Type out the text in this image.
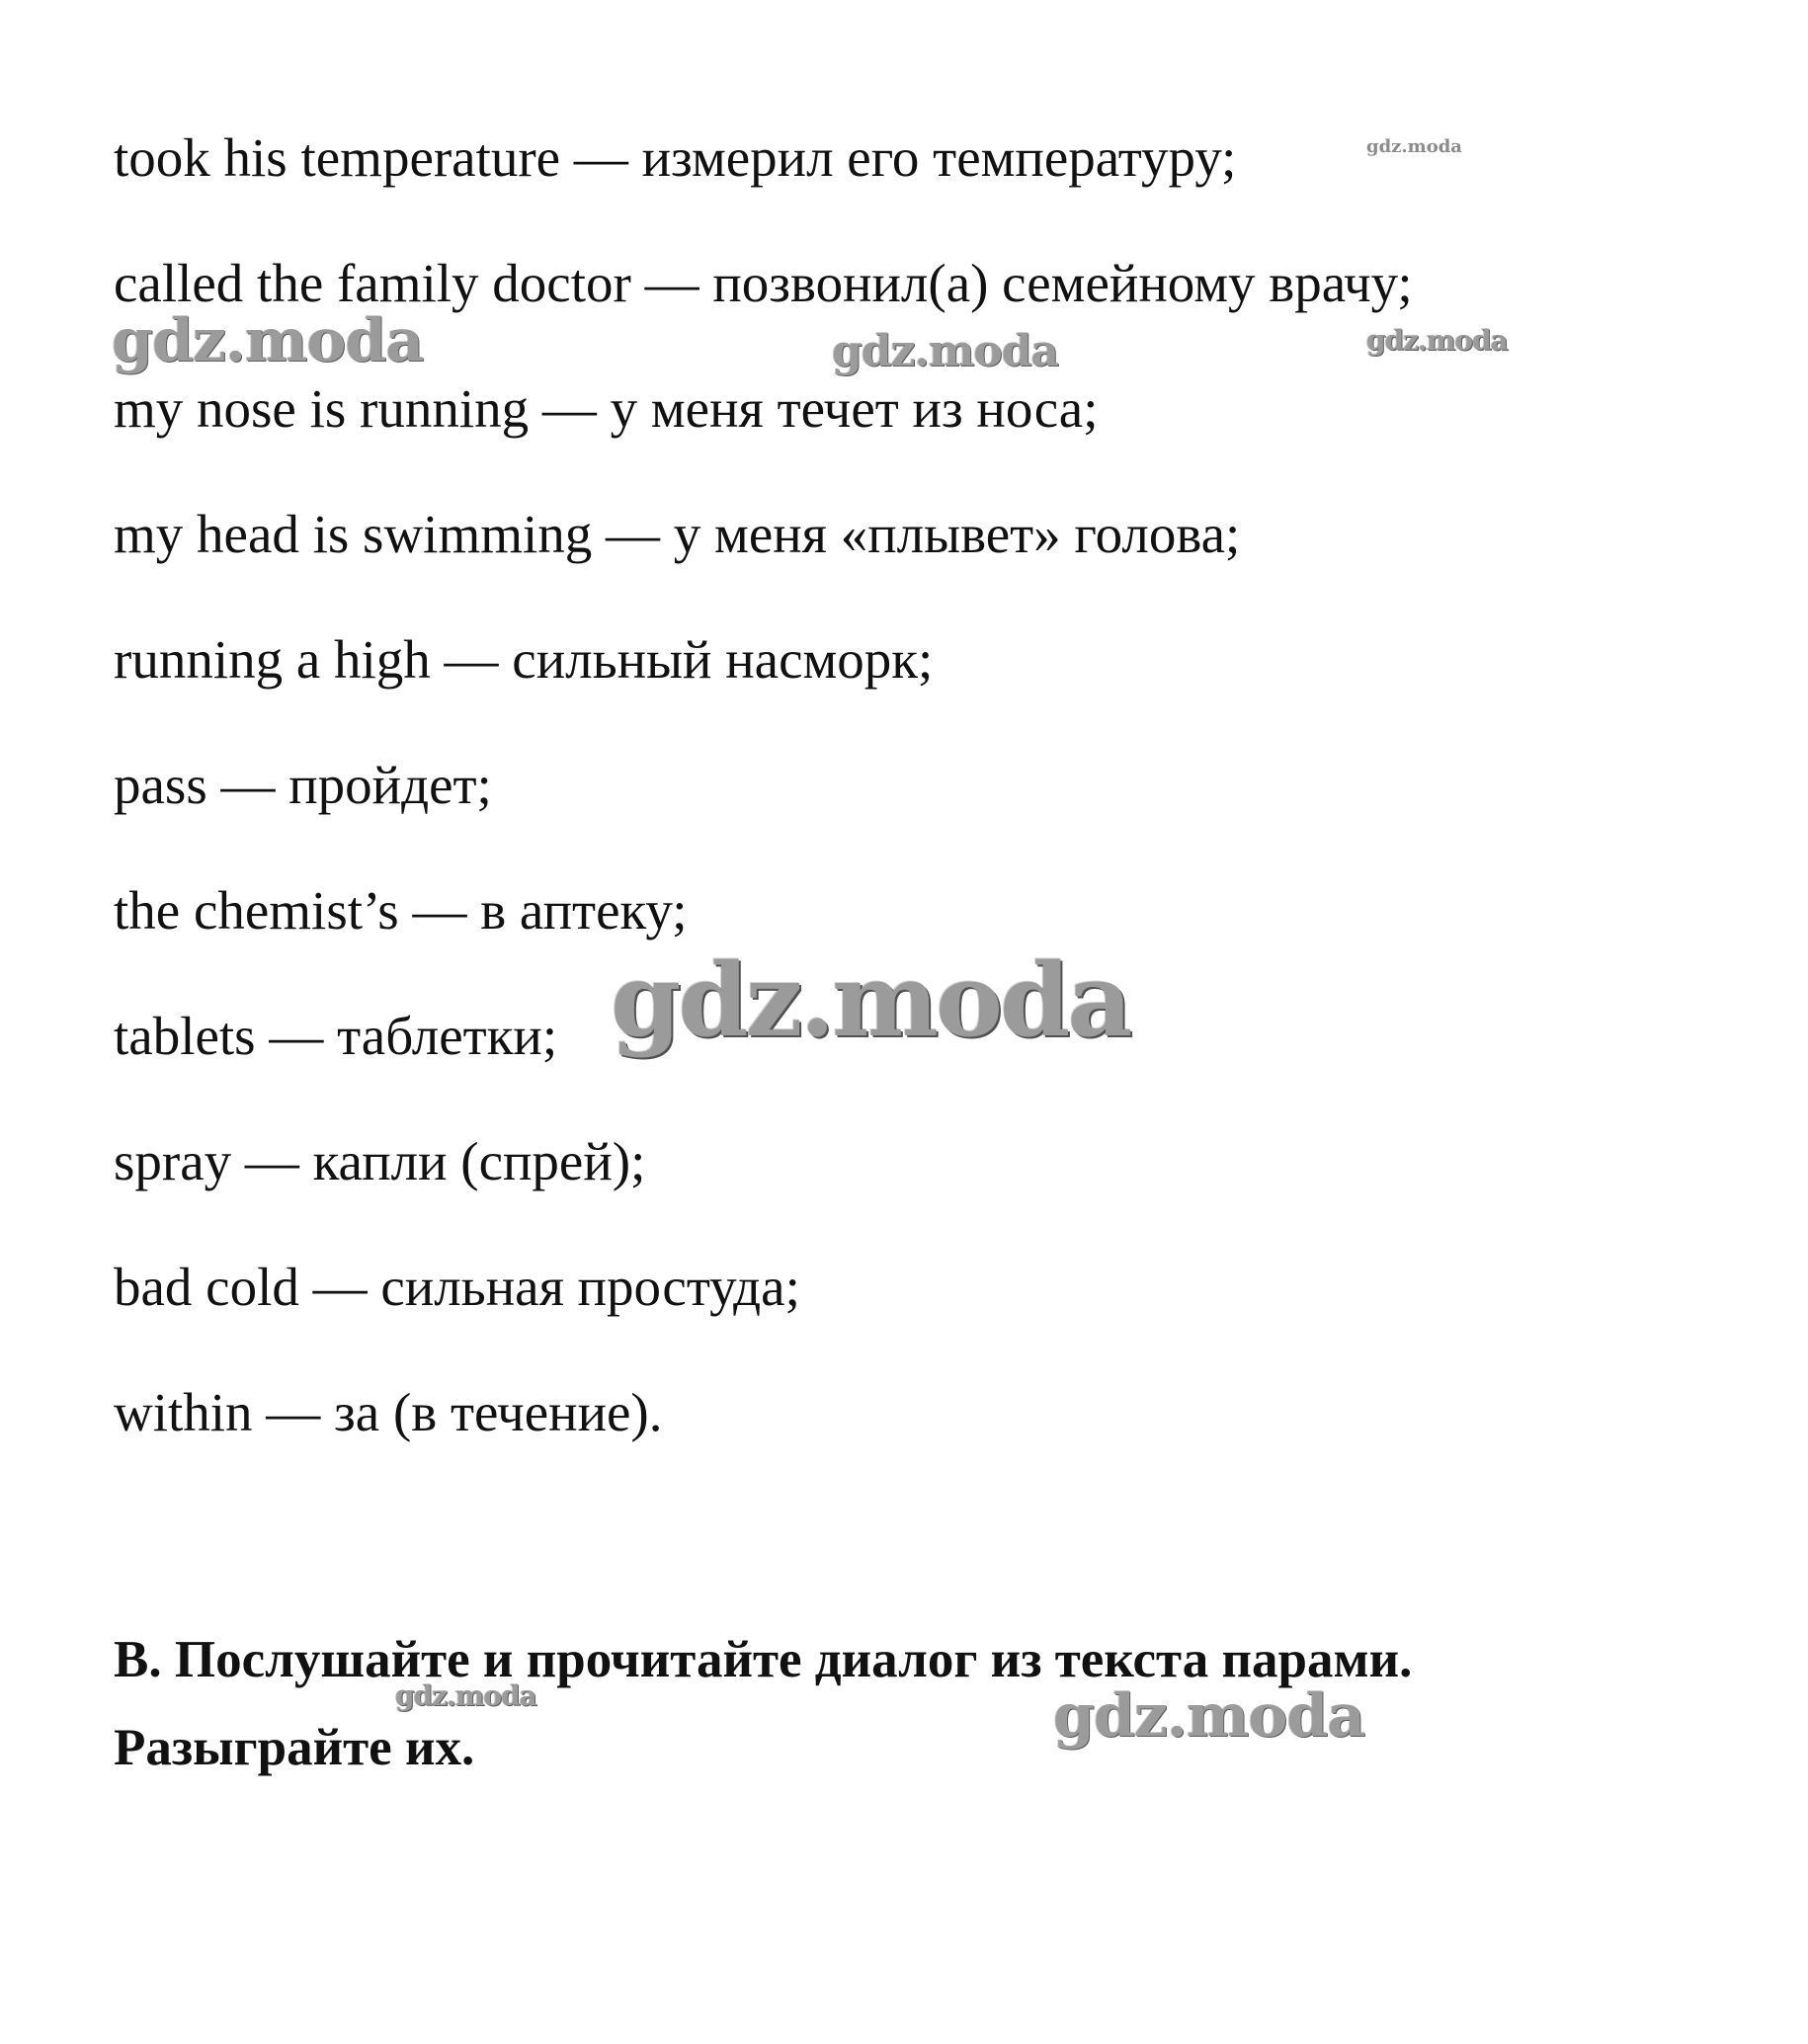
took his temperature — измерил его температуру;
called the family doctor — позвонил(а) семейному врачу;
my nose is running — у меня течет из носа;
my head is swimming — у меня «плывет» голова;
running a high — сильный насморк;
pass — пройдет;
the chemist’s — в аптеку;
tablets — таблетки;
spray — капли (спрей);
bad cold — сильная простуда;
within — за (в течение).
B. Послушайте и прочитайте диалог из текста парами.
Разыграйте их.
gdz.moda
gdz.moda	gdz.moda	gdz.moda
gdz.moda
gdz.moda	gdz.moda
